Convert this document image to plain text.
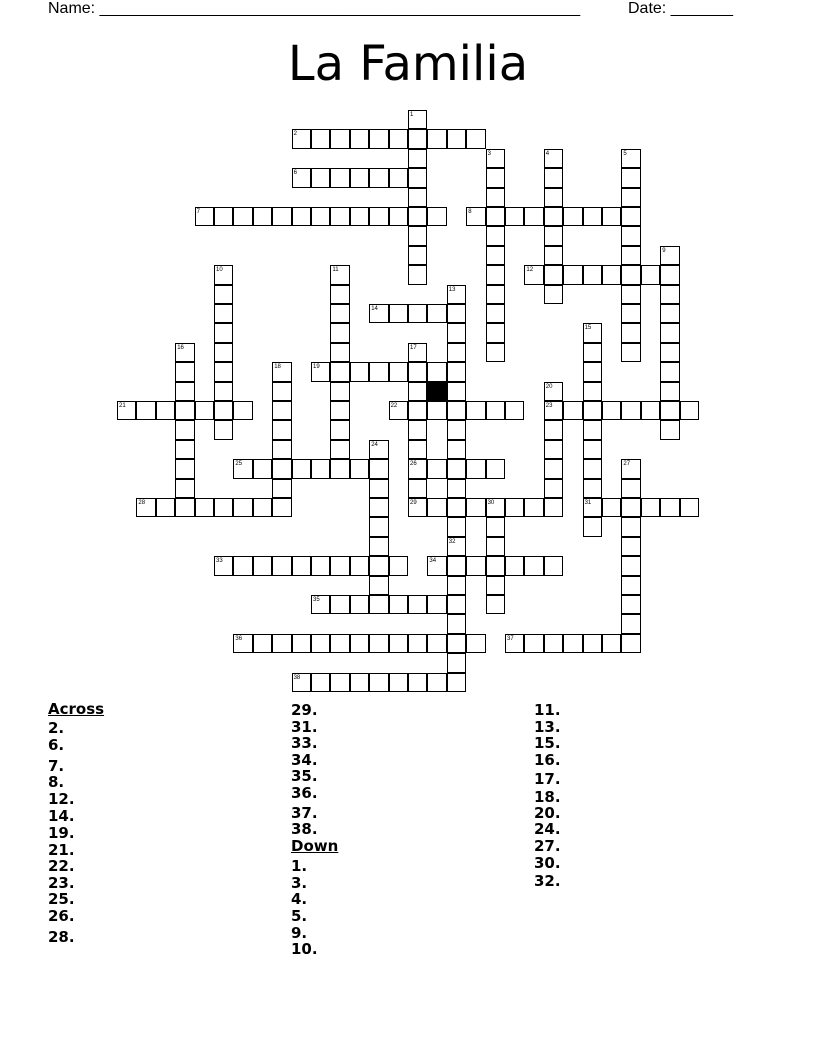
Name: ______________________________________________________	Date: _______
La Familia
1
2
3	4	5
6
7	8
9
10	11	12
13
14
15
16	17
18	19
20
21	22	23
24
25	26	27
28	29	30	31
32
33	34
35
36	37
38
Across
2.
6.
7.
8.
12.
14.
19.
21.
22.
23.
25.
26.
28.
29.
31.
33.
34.
35.
36.
37.
38.
Down
1.
3.
4.
5.
9.
10.
11.
13.
15.
16.
17.
18.
20.
24.
27.
30.
32.
